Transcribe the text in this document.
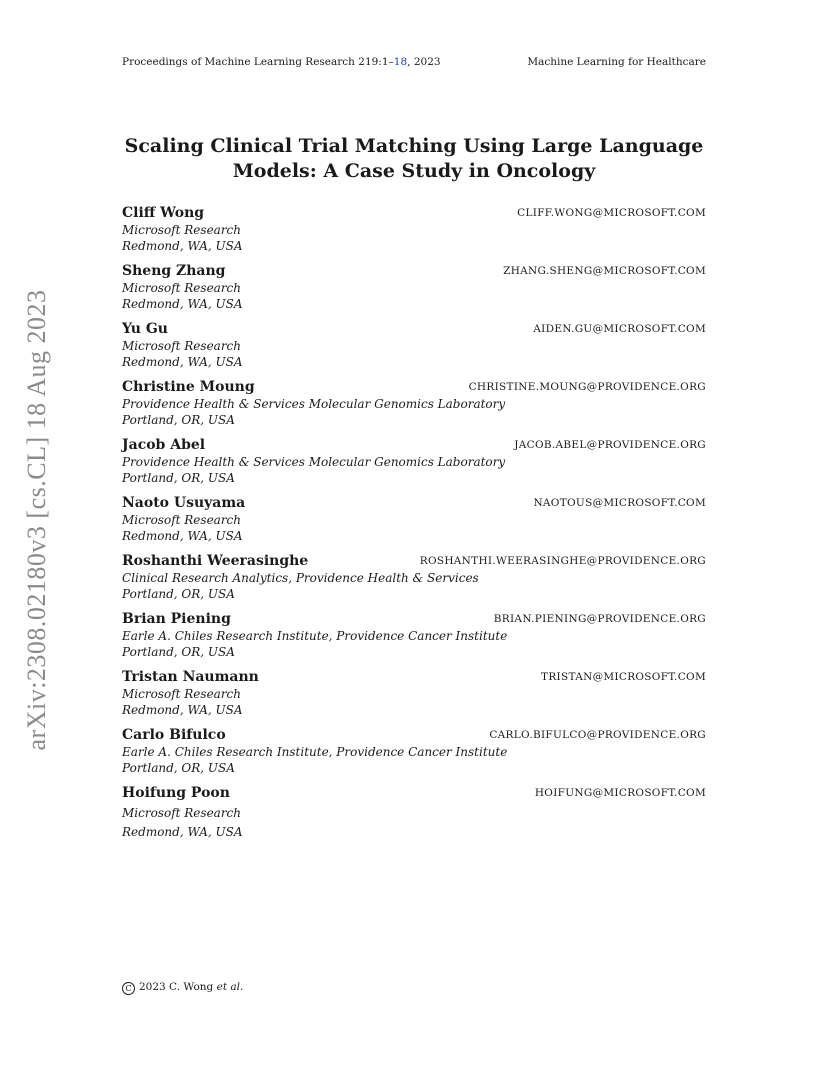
Proceedings of Machine Learning Research 219:1–18, 2023	Machine Learning for Healthcare
arXiv:2308.02180v3 [cs.CL] 18 Aug 2023
Scaling Clinical Trial Matching Using Large Language
Models: A Case Study in Oncology
Cliff Wong	CLIFF.WONG@MICROSOFT.COM
Microsoft Research
Redmond, WA, USA
Sheng Zhang	ZHANG.SHENG@MICROSOFT.COM
Microsoft Research
Redmond, WA, USA
Yu Gu	AIDEN.GU@MICROSOFT.COM
Microsoft Research
Redmond, WA, USA
Christine Moung	CHRISTINE.MOUNG@PROVIDENCE.ORG
Providence Health & Services Molecular Genomics Laboratory
Portland, OR, USA
Jacob Abel	JACOB.ABEL@PROVIDENCE.ORG
Providence Health & Services Molecular Genomics Laboratory
Portland, OR, USA
Naoto Usuyama	NAOTOUS@MICROSOFT.COM
Microsoft Research
Redmond, WA, USA
Roshanthi Weerasinghe	ROSHANTHI.WEERASINGHE@PROVIDENCE.ORG
Clinical Research Analytics, Providence Health & Services
Portland, OR, USA
Brian Piening	BRIAN.PIENING@PROVIDENCE.ORG
Earle A. Chiles Research Institute, Providence Cancer Institute
Portland, OR, USA
Tristan Naumann	TRISTAN@MICROSOFT.COM
Microsoft Research
Redmond, WA, USA
Carlo Bifulco	CARLO.BIFULCO@PROVIDENCE.ORG
Earle A. Chiles Research Institute, Providence Cancer Institute
Portland, OR, USA
Hoifung Poon	HOIFUNG@MICROSOFT.COM
Microsoft Research
Redmond, WA, USA
C 2023 C. Wong et al.
